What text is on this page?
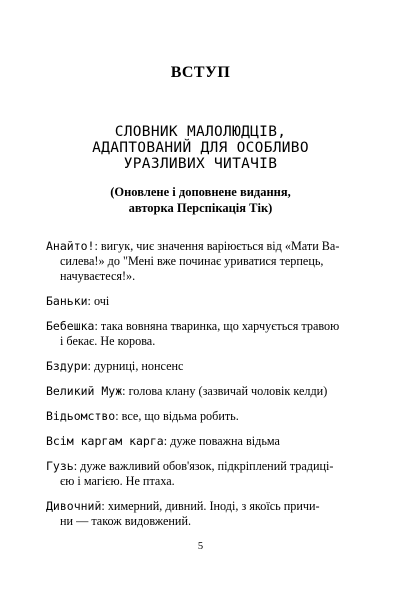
ВСТУП
СЛОВНИК МАЛОЛЮДЦІВ,
АДАПТОВАНИЙ ДЛЯ ОСОБЛИВО
УРАЗЛИВИХ ЧИТАЧІВ
(Оновлене і доповнене видання,
авторка Перспікація Тік)
Анайто!: вигук, чиє значення варіюється від «Мати Ва-
силева!» до "Мені вже починає уриватися терпець,
начуваєтеся!».
Баньки: очі
Бебешка: така вовняна тваринка, що харчується травою
і бекає. Не корова.
Бздури: дурниці, нонсенс
Великий Муж: голова клану (зазвичай чоловік келди)
Відьомство: все, що відьма робить.
Всім каргам карга: дуже поважна відьма
Гузь: дуже важливий обов'язок, підкріплений традиці-
єю і магією. Не птаха.
Дивочний: химерний, дивний. Іноді, з якоїсь причи-
ни — також видовжений.
5
